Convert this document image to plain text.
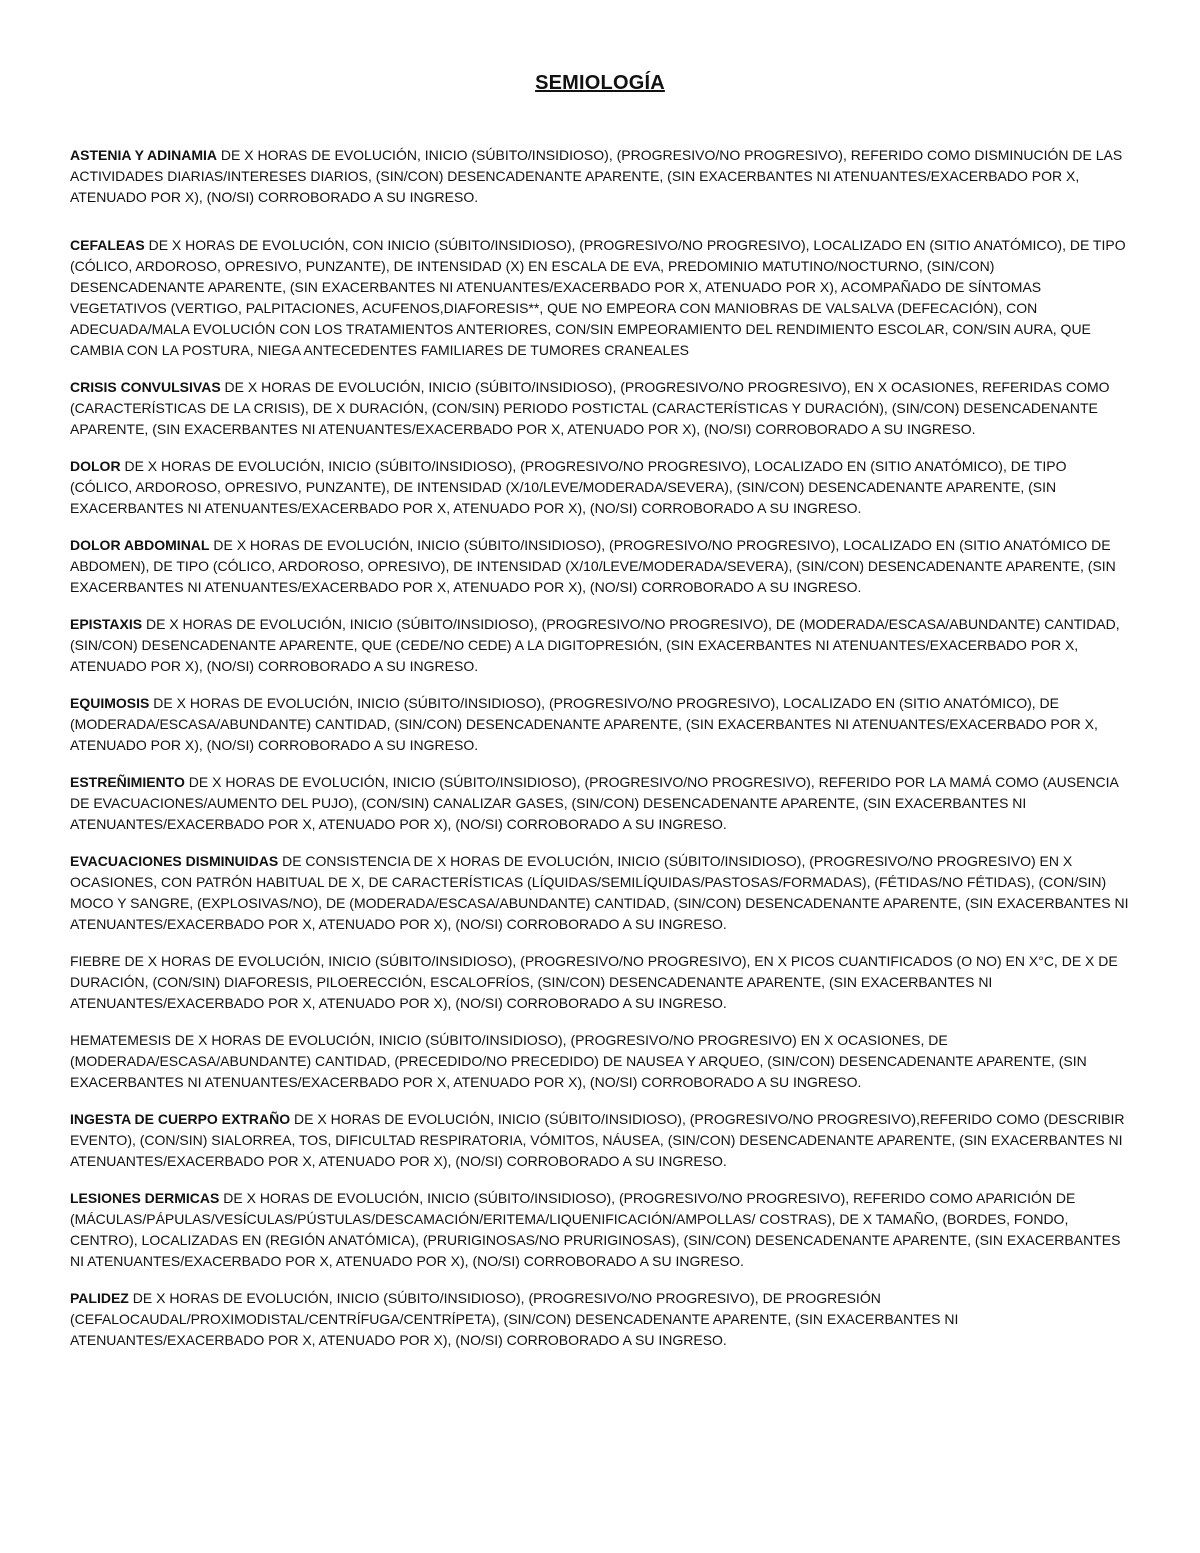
SEMIOLOGÍA

ASTENIA Y ADINAMIA DE X HORAS DE EVOLUCIÓN, INICIO (SÚBITO/INSIDIOSO), (PROGRESIVO/NO PROGRESIVO), REFERIDO COMO DISMINUCIÓN DE LAS ACTIVIDADES DIARIAS/INTERESES DIARIOS, (SIN/CON) DESENCADENANTE APARENTE, (SIN EXACERBANTES NI ATENUANTES/EXACERBADO POR X, ATENUADO POR X), (NO/SI) CORROBORADO A SU INGRESO.

CEFALEAS DE X HORAS DE EVOLUCIÓN, CON INICIO (SÚBITO/INSIDIOSO), (PROGRESIVO/NO PROGRESIVO), LOCALIZADO EN (SITIO ANATÓMICO), DE TIPO (CÓLICO, ARDOROSO, OPRESIVO, PUNZANTE), DE INTENSIDAD (X) EN ESCALA DE EVA, PREDOMINIO MATUTINO/NOCTURNO, (SIN/CON) DESENCADENANTE APARENTE, (SIN EXACERBANTES NI ATENUANTES/EXACERBADO POR X, ATENUADO POR X), ACOMPAÑADO DE SÍNTOMAS VEGETATIVOS (VERTIGO, PALPITACIONES, ACUFENOS,DIAFORESIS**, QUE NO EMPEORA CON MANIOBRAS DE VALSALVA (DEFECACIÓN), CON ADECUADA/MALA EVOLUCIÓN CON LOS TRATAMIENTOS ANTERIORES, CON/SIN EMPEORAMIENTO DEL RENDIMIENTO ESCOLAR, CON/SIN AURA, QUE CAMBIA CON LA POSTURA, NIEGA ANTECEDENTES FAMILIARES DE TUMORES CRANEALES

CRISIS CONVULSIVAS DE X HORAS DE EVOLUCIÓN, INICIO (SÚBITO/INSIDIOSO), (PROGRESIVO/NO PROGRESIVO), EN X OCASIONES, REFERIDAS COMO (CARACTERÍSTICAS DE LA CRISIS), DE X DURACIÓN, (CON/SIN) PERIODO POSTICTAL (CARACTERÍSTICAS Y DURACIÓN), (SIN/CON) DESENCADENANTE APARENTE, (SIN EXACERBANTES NI ATENUANTES/EXACERBADO POR X, ATENUADO POR X), (NO/SI) CORROBORADO A SU INGRESO.

DOLOR DE X HORAS DE EVOLUCIÓN, INICIO (SÚBITO/INSIDIOSO), (PROGRESIVO/NO PROGRESIVO), LOCALIZADO EN (SITIO ANATÓMICO), DE TIPO (CÓLICO, ARDOROSO, OPRESIVO, PUNZANTE), DE INTENSIDAD (X/10/LEVE/MODERADA/SEVERA), (SIN/CON) DESENCADENANTE APARENTE, (SIN EXACERBANTES NI ATENUANTES/EXACERBADO POR X, ATENUADO POR X), (NO/SI) CORROBORADO A SU INGRESO.

DOLOR ABDOMINAL DE X HORAS DE EVOLUCIÓN, INICIO (SÚBITO/INSIDIOSO), (PROGRESIVO/NO PROGRESIVO), LOCALIZADO EN (SITIO ANATÓMICO DE ABDOMEN), DE TIPO (CÓLICO, ARDOROSO, OPRESIVO), DE INTENSIDAD (X/10/LEVE/MODERADA/SEVERA), (SIN/CON) DESENCADENANTE APARENTE, (SIN EXACERBANTES NI ATENUANTES/EXACERBADO POR X, ATENUADO POR X), (NO/SI) CORROBORADO A SU INGRESO.

EPISTAXIS DE X HORAS DE EVOLUCIÓN, INICIO (SÚBITO/INSIDIOSO), (PROGRESIVO/NO PROGRESIVO), DE (MODERADA/ESCASA/ABUNDANTE) CANTIDAD, (SIN/CON) DESENCADENANTE APARENTE, QUE (CEDE/NO CEDE) A LA DIGITOPRESIÓN, (SIN EXACERBANTES NI ATENUANTES/EXACERBADO POR X, ATENUADO POR X), (NO/SI) CORROBORADO A SU INGRESO.

EQUIMOSIS DE X HORAS DE EVOLUCIÓN, INICIO (SÚBITO/INSIDIOSO), (PROGRESIVO/NO PROGRESIVO), LOCALIZADO EN (SITIO ANATÓMICO), DE (MODERADA/ESCASA/ABUNDANTE) CANTIDAD, (SIN/CON) DESENCADENANTE APARENTE, (SIN EXACERBANTES NI ATENUANTES/EXACERBADO POR X, ATENUADO POR X), (NO/SI) CORROBORADO A SU INGRESO.

ESTREÑIMIENTO DE X HORAS DE EVOLUCIÓN, INICIO (SÚBITO/INSIDIOSO), (PROGRESIVO/NO PROGRESIVO), REFERIDO POR LA MAMÁ COMO (AUSENCIA DE EVACUACIONES/AUMENTO DEL PUJO), (CON/SIN) CANALIZAR GASES, (SIN/CON) DESENCADENANTE APARENTE, (SIN EXACERBANTES NI ATENUANTES/EXACERBADO POR X, ATENUADO POR X), (NO/SI) CORROBORADO A SU INGRESO.

EVACUACIONES DISMINUIDAS DE CONSISTENCIA DE X HORAS DE EVOLUCIÓN, INICIO (SÚBITO/INSIDIOSO), (PROGRESIVO/NO PROGRESIVO) EN X OCASIONES, CON PATRÓN HABITUAL DE X, DE CARACTERÍSTICAS (LÍQUIDAS/SEMILÍQUIDAS/PASTOSAS/FORMADAS), (FÉTIDAS/NO FÉTIDAS), (CON/SIN) MOCO Y SANGRE, (EXPLOSIVAS/NO), DE (MODERADA/ESCASA/ABUNDANTE) CANTIDAD, (SIN/CON) DESENCADENANTE APARENTE, (SIN EXACERBANTES NI ATENUANTES/EXACERBADO POR X, ATENUADO POR X), (NO/SI) CORROBORADO A SU INGRESO.

FIEBRE DE X HORAS DE EVOLUCIÓN, INICIO (SÚBITO/INSIDIOSO), (PROGRESIVO/NO PROGRESIVO), EN X PICOS CUANTIFICADOS (O NO) EN X°C, DE X DE DURACIÓN, (CON/SIN) DIAFORESIS, PILOERECCIÓN, ESCALOFRÍOS, (SIN/CON) DESENCADENANTE APARENTE, (SIN EXACERBANTES NI ATENUANTES/EXACERBADO POR X, ATENUADO POR X), (NO/SI) CORROBORADO A SU INGRESO.

HEMATEMESIS DE X HORAS DE EVOLUCIÓN, INICIO (SÚBITO/INSIDIOSO), (PROGRESIVO/NO PROGRESIVO) EN X OCASIONES, DE (MODERADA/ESCASA/ABUNDANTE) CANTIDAD, (PRECEDIDO/NO PRECEDIDO) DE NAUSEA Y ARQUEO, (SIN/CON) DESENCADENANTE APARENTE, (SIN EXACERBANTES NI ATENUANTES/EXACERBADO POR X, ATENUADO POR X), (NO/SI) CORROBORADO A SU INGRESO.

INGESTA DE CUERPO EXTRAÑO DE X HORAS DE EVOLUCIÓN, INICIO (SÚBITO/INSIDIOSO), (PROGRESIVO/NO PROGRESIVO),REFERIDO COMO (DESCRIBIR EVENTO), (CON/SIN) SIALORREA, TOS, DIFICULTAD RESPIRATORIA, VÓMITOS, NÁUSEA, (SIN/CON) DESENCADENANTE APARENTE, (SIN EXACERBANTES NI ATENUANTES/EXACERBADO POR X, ATENUADO POR X), (NO/SI) CORROBORADO A SU INGRESO.

LESIONES DERMICAS DE X HORAS DE EVOLUCIÓN, INICIO (SÚBITO/INSIDIOSO), (PROGRESIVO/NO PROGRESIVO), REFERIDO COMO APARICIÓN DE (MÁCULAS/PÁPULAS/VESÍCULAS/PÚSTULAS/DESCAMACIÓN/ERITEMA/LIQUENIFICACIÓN/AMPOLLAS/ COSTRAS), DE X TAMAÑO, (BORDES, FONDO, CENTRO), LOCALIZADAS EN (REGIÓN ANATÓMICA), (PRURIGINOSAS/NO PRURIGINOSAS), (SIN/CON) DESENCADENANTE APARENTE, (SIN EXACERBANTES NI ATENUANTES/EXACERBADO POR X, ATENUADO POR X), (NO/SI) CORROBORADO A SU INGRESO.

PALIDEZ DE X HORAS DE EVOLUCIÓN, INICIO (SÚBITO/INSIDIOSO), (PROGRESIVO/NO PROGRESIVO), DE PROGRESIÓN (CEFALOCAUDAL/PROXIMODISTAL/CENTRÍFUGA/CENTRÍPETA), (SIN/CON) DESENCADENANTE APARENTE, (SIN EXACERBANTES NI ATENUANTES/EXACERBADO POR X, ATENUADO POR X), (NO/SI) CORROBORADO A SU INGRESO.
